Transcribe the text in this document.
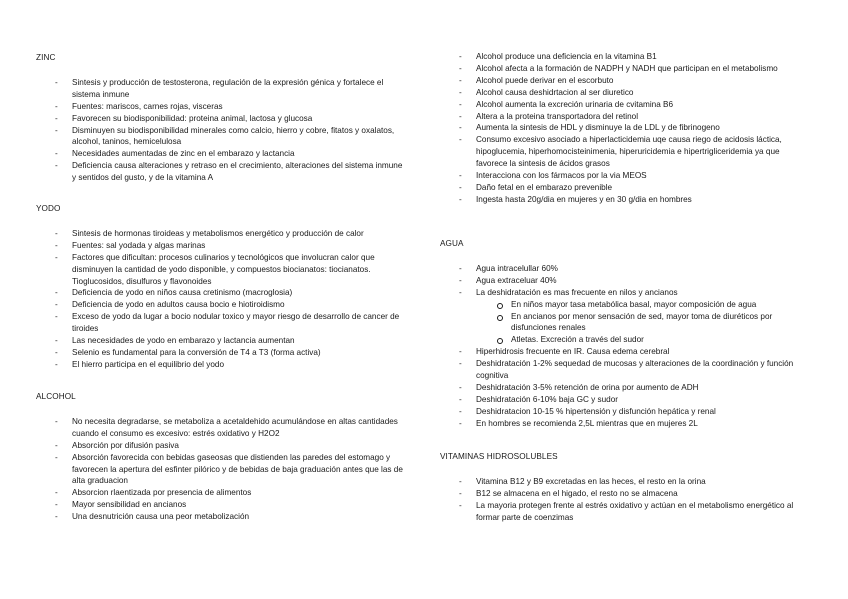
ZINC
- Sintesis y producción de testosterona, regulación de la expresión génica y fortalece el sistema inmune
- Fuentes: mariscos, carnes rojas, visceras
- Favorecen su biodisponibilidad: proteina animal, lactosa y glucosa
- Disminuyen su biodisponibilidad minerales como calcio, hierro y cobre, fitatos y oxalatos, alcohol, taninos, hemicelulosa
- Necesidades aumentadas de zinc en el embarazo y lactancia
- Deficiencia causa alteraciones y retraso en el crecimiento, alteraciones del sistema inmune y sentidos del gusto, y de la vitamina A
YODO
- Sintesis de hormonas tiroideas y metabolismos energético y producción de calor
- Fuentes: sal yodada y algas marinas
- Factores que dificultan: procesos culinarios y tecnológicos que involucran calor que disminuyen la cantidad de yodo disponible, y compuestos biocianatos: tiocianatos. Tioglucosidos, disulfuros y flavonoides
- Deficiencia de yodo en niños causa cretinismo (macroglosia)
- Deficiencia de yodo en adultos causa bocio e hiotiroidismo
- Exceso de yodo da lugar a bocio nodular toxico y mayor riesgo de desarrollo de cancer de tiroides
- Las necesidades de yodo en embarazo y lactancia aumentan
- Selenio es fundamental para la conversión de T4 a T3 (forma activa)
- El hierro participa en el equilibrio del yodo
ALCOHOL
- No necesita degradarse, se metaboliza a acetaldehido acumulándose en altas cantidades cuando el consumo es excesivo: estrés oxidativo y H2O2
- Absorción por difusión pasiva
- Absorción favorecida con bebidas gaseosas que distienden las paredes del estomago y favorecen la apertura del esfinter pilórico y de bebidas de baja graduación antes que las de alta graduacion
- Absorcion rlaentizada por presencia de alimentos
- Mayor sensibilidad en ancianos
- Una desnutrición causa una peor metabolización
- Alcohol produce una deficiencia en la vitamina B1
- Alcohol afecta a la formación de NADPH y NADH que participan en el metabolismo
- Alcohol puede derivar en el escorbuto
- Alcohol causa deshidrtacion al ser diuretico
- Alcohol aumenta la excreción urinaria de cvitamina B6
- Altera a la proteina transportadora del retinol
- Aumenta la sintesis de HDL y disminuye la de LDL y de fibrinogeno
- Consumo excesivo asociado a hiperlacticidemia uqe causa riego de acidosis láctica, hipoglucemia, hiperhomocisteinimenia, hiperuricidemia e hipertrigliceridemia ya que favorece la sintesis de ácidos grasos
- Interacciona con los fármacos por la via MEOS
- Daño fetal en el embarazo prevenible
- Ingesta hasta 20g/dia en mujeres y en 30 g/dia en hombres
AGUA
- Agua intracelullar 60%
- Agua extraceluar 40%
- La deshidratación es mas frecuente en nilos y ancianos
En niños mayor tasa metabólica basal, mayor composición de agua
En ancianos por menor sensación de sed, mayor toma de diuréticos por disfunciones renales
Atletas. Excreción a través del sudor
- Hiperhidrosis frecuente en IR. Causa edema cerebral
- Deshidratación 1-2% sequedad de mucosas y alteraciones de la coordinación y función cognitiva
- Deshidratación 3-5% retención de orina por aumento de ADH
- Deshidratación 6-10% baja GC y sudor
- Deshidratacion 10-15 % hipertensión y disfunción hepática y renal
- En hombres se recomienda 2,5L mientras que en mujeres 2L
VITAMINAS HIDROSOLUBLES
- Vitamina B12 y B9 excretadas en las heces, el resto en la orina
- B12 se almacena en el higado, el resto no se almacena
- La mayoria protegen frente al estrés oxidativo y actúan en el metabolismo energético al formar parte de coenzimas
